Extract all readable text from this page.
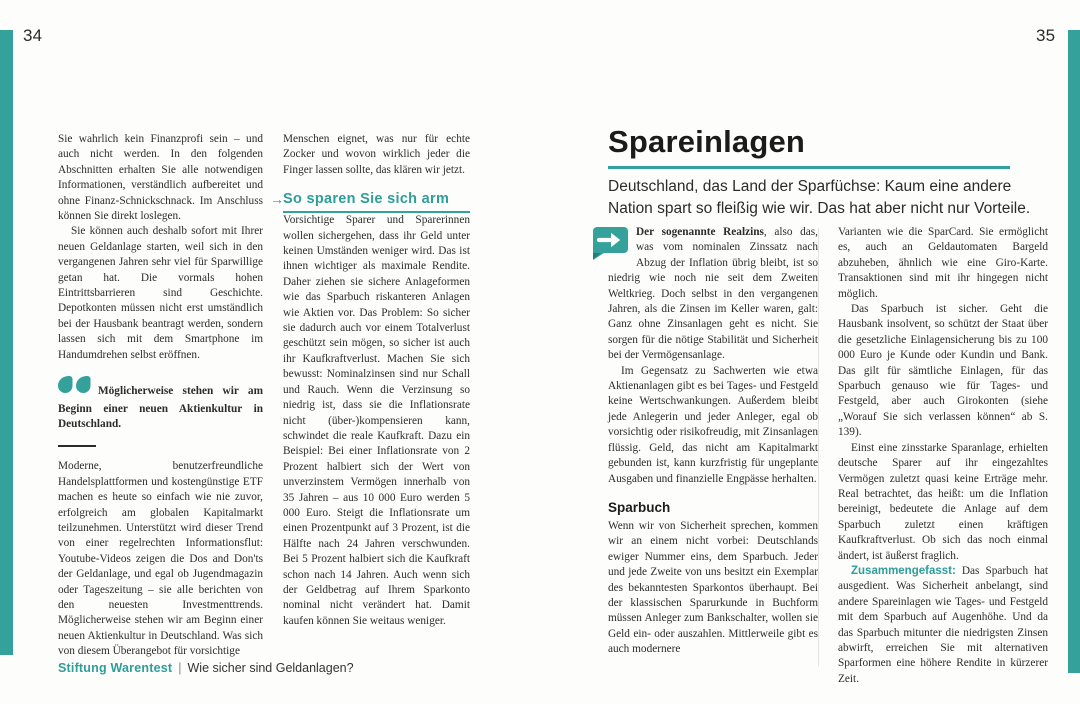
34	35

Sie wahrlich kein Finanzprofi sein – und auch nicht werden. In den folgenden Abschnitten erhalten Sie alle notwendigen Informationen, verständlich aufbereitet und ohne Finanz-Schnickschnack. Im Anschluss können Sie direkt loslegen.

Sie können auch deshalb sofort mit Ihrer neuen Geldanlage starten, weil sich in den vergangenen Jahren sehr viel für Sparwillige getan hat. Die vormals hohen Eintrittsbarrieren sind Geschichte. Depotkonten müssen nicht erst umständlich bei der Hausbank beantragt werden, sondern lassen sich mit dem Smartphone im Handumdrehen selbst eröffnen.

Möglicherweise stehen wir am Beginn einer neuen Aktienkultur in Deutschland.

Moderne, benutzerfreundliche Handelsplattformen und kostengünstige ETF machen es heute so einfach wie nie zuvor, erfolgreich am globalen Kapitalmarkt teilzunehmen. Unterstützt wird dieser Trend von einer regelrechten Informationsflut: Youtube-Videos zeigen die Dos and Don'ts der Geldanlage, und egal ob Jugendmagazin oder Tageszeitung – sie alle berichten von den neuesten Investmenttrends. Möglicherweise stehen wir am Beginn einer neuen Aktienkultur in Deutschland. Was sich von diesem Überangebot für vorsichtige

Menschen eignet, was nur für echte Zocker und wovon wirklich jeder die Finger lassen sollte, das klären wir jetzt.

→ So sparen Sie sich arm

Vorsichtige Sparer und Sparerinnen wollen sichergehen, dass ihr Geld unter keinen Umständen weniger wird. Das ist ihnen wichtiger als maximale Rendite. Daher ziehen sie sichere Anlageformen wie das Sparbuch riskanteren Anlagen wie Aktien vor. Das Problem: So sicher sie dadurch auch vor einem Totalverlust geschützt sein mögen, so sicher ist auch ihr Kaufkraftverlust. Machen Sie sich bewusst: Nominalzinsen sind nur Schall und Rauch. Wenn die Verzinsung so niedrig ist, dass sie die Inflationsrate nicht (über-)kompensieren kann, schwindet die reale Kaufkraft. Dazu ein Beispiel: Bei einer Inflationsrate von 2 Prozent halbiert sich der Wert von unverzinstem Vermögen innerhalb von 35 Jahren – aus 10 000 Euro werden 5 000 Euro. Steigt die Inflationsrate um einen Prozentpunkt auf 3 Prozent, ist die Hälfte nach 24 Jahren verschwunden. Bei 5 Prozent halbiert sich die Kaufkraft schon nach 14 Jahren. Auch wenn sich der Geldbetrag auf Ihrem Sparkonto nominal nicht verändert hat. Damit kaufen können Sie weitaus weniger.

Stiftung Warentest | Wie sicher sind Geldanlagen?
Spareinlagen

Deutschland, das Land der Sparfüchse: Kaum eine andere Nation spart so fleißig wie wir. Das hat aber nicht nur Vorteile.

Der sogenannte Realzins, also das, was vom nominalen Zinssatz nach Abzug der Inflation übrig bleibt, ist so niedrig wie noch nie seit dem Zweiten Weltkrieg. Doch selbst in den vergangenen Jahren, als die Zinsen im Keller waren, galt: Ganz ohne Zinsanlagen geht es nicht. Sie sorgen für die nötige Stabilität und Sicherheit bei der Vermögensanlage.

Im Gegensatz zu Sachwerten wie etwa Aktienanlagen gibt es bei Tages- und Festgeld keine Wertschwankungen. Außerdem bleibt jede Anlegerin und jeder Anleger, egal ob vorsichtig oder risikofreudig, mit Zinsanlagen flüssig. Geld, das nicht am Kapitalmarkt gebunden ist, kann kurzfristig für ungeplante Ausgaben und finanzielle Engpässe herhalten.

Sparbuch

Wenn wir von Sicherheit sprechen, kommen wir an einem nicht vorbei: Deutschlands ewiger Nummer eins, dem Sparbuch. Jeder und jede Zweite von uns besitzt ein Exemplar des bekanntesten Sparkontos überhaupt. Bei der klassischen Sparurkunde in Buchform müssen Anleger zum Bankschalter, wollen sie Geld ein- oder auszahlen. Mittlerweile gibt es auch modernere

Varianten wie die SparCard. Sie ermöglicht es, auch an Geldautomaten Bargeld abzuheben, ähnlich wie eine Giro-Karte. Transaktionen sind mit ihr hingegen nicht möglich.

Das Sparbuch ist sicher. Geht die Hausbank insolvent, so schützt der Staat über die gesetzliche Einlagensicherung bis zu 100 000 Euro je Kunde oder Kundin und Bank. Das gilt für sämtliche Einlagen, für das Sparbuch genauso wie für Tages- und Festgeld, aber auch Girokonten (siehe „Worauf Sie sich verlassen können“ ab S. 139).

Einst eine zinsstarke Sparanlage, erhielten deutsche Sparer auf ihr eingezahltes Vermögen zuletzt quasi keine Erträge mehr. Real betrachtet, das heißt: um die Inflation bereinigt, bedeutete die Anlage auf dem Sparbuch zuletzt einen kräftigen Kaufkraftverlust. Ob sich das noch einmal ändert, ist äußerst fraglich.

Zusammengefasst: Das Sparbuch hat ausgedient. Was Sicherheit anbelangt, sind andere Spareinlagen wie Tages- und Festgeld mit dem Sparbuch auf Augenhöhe. Und da das Sparbuch mitunter die niedrigsten Zinsen abwirft, erreichen Sie mit alternativen Sparformen eine höhere Rendite in kürzerer Zeit.
